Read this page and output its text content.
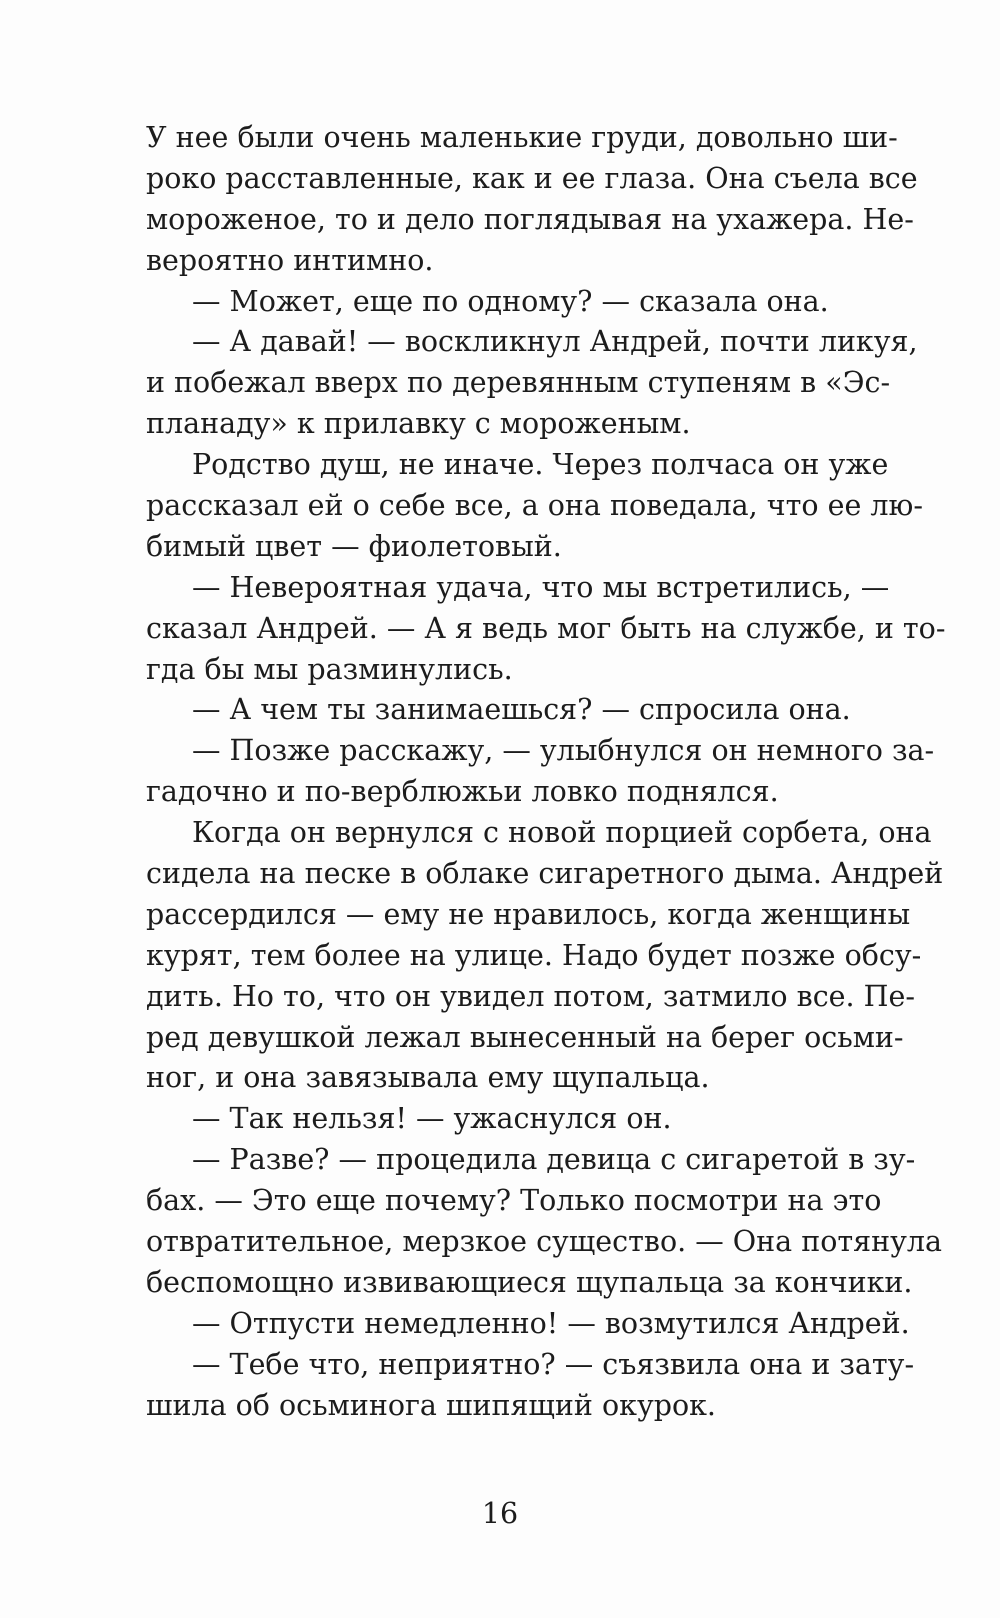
У нее были очень маленькие груди, довольно ши-
роко расставленные, как и ее глаза. Она съела все
мороженое, то и дело поглядывая на ухажера. Не-
вероятно интимно.
— Может, еще по одному? — сказала она.
— А давай! — воскликнул Андрей, почти ликуя,
и побежал вверх по деревянным ступеням в «Эс-
планаду» к прилавку с мороженым.
Родство душ, не иначе. Через полчаса он уже
рассказал ей о себе все, а она поведала, что ее лю-
бимый цвет — фиолетовый.
— Невероятная удача, что мы встретились, —
сказал Андрей. — А я ведь мог быть на службе, и то-
гда бы мы разминулись.
— А чем ты занимаешься? — спросила она.
— Позже расскажу, — улыбнулся он немного за-
гадочно и по-верблюжьи ловко поднялся.
Когда он вернулся с новой порцией сорбета, она
сидела на песке в облаке сигаретного дыма. Андрей
рассердился — ему не нравилось, когда женщины
курят, тем более на улице. Надо будет позже обсу-
дить. Но то, что он увидел потом, затмило все. Пе-
ред девушкой лежал вынесенный на берег осьми-
ног, и она завязывала ему щупальца.
— Так нельзя! — ужаснулся он.
— Разве? — процедила девица с сигаретой в зу-
бах. — Это еще почему? Только посмотри на это
отвратительное, мерзкое существо. — Она потянула
беспомощно извивающиеся щупальца за кончики.
— Отпусти немедленно! — возмутился Андрей.
— Тебе что, неприятно? — съязвила она и зату-
шила об осьминога шипящий окурок.
16
